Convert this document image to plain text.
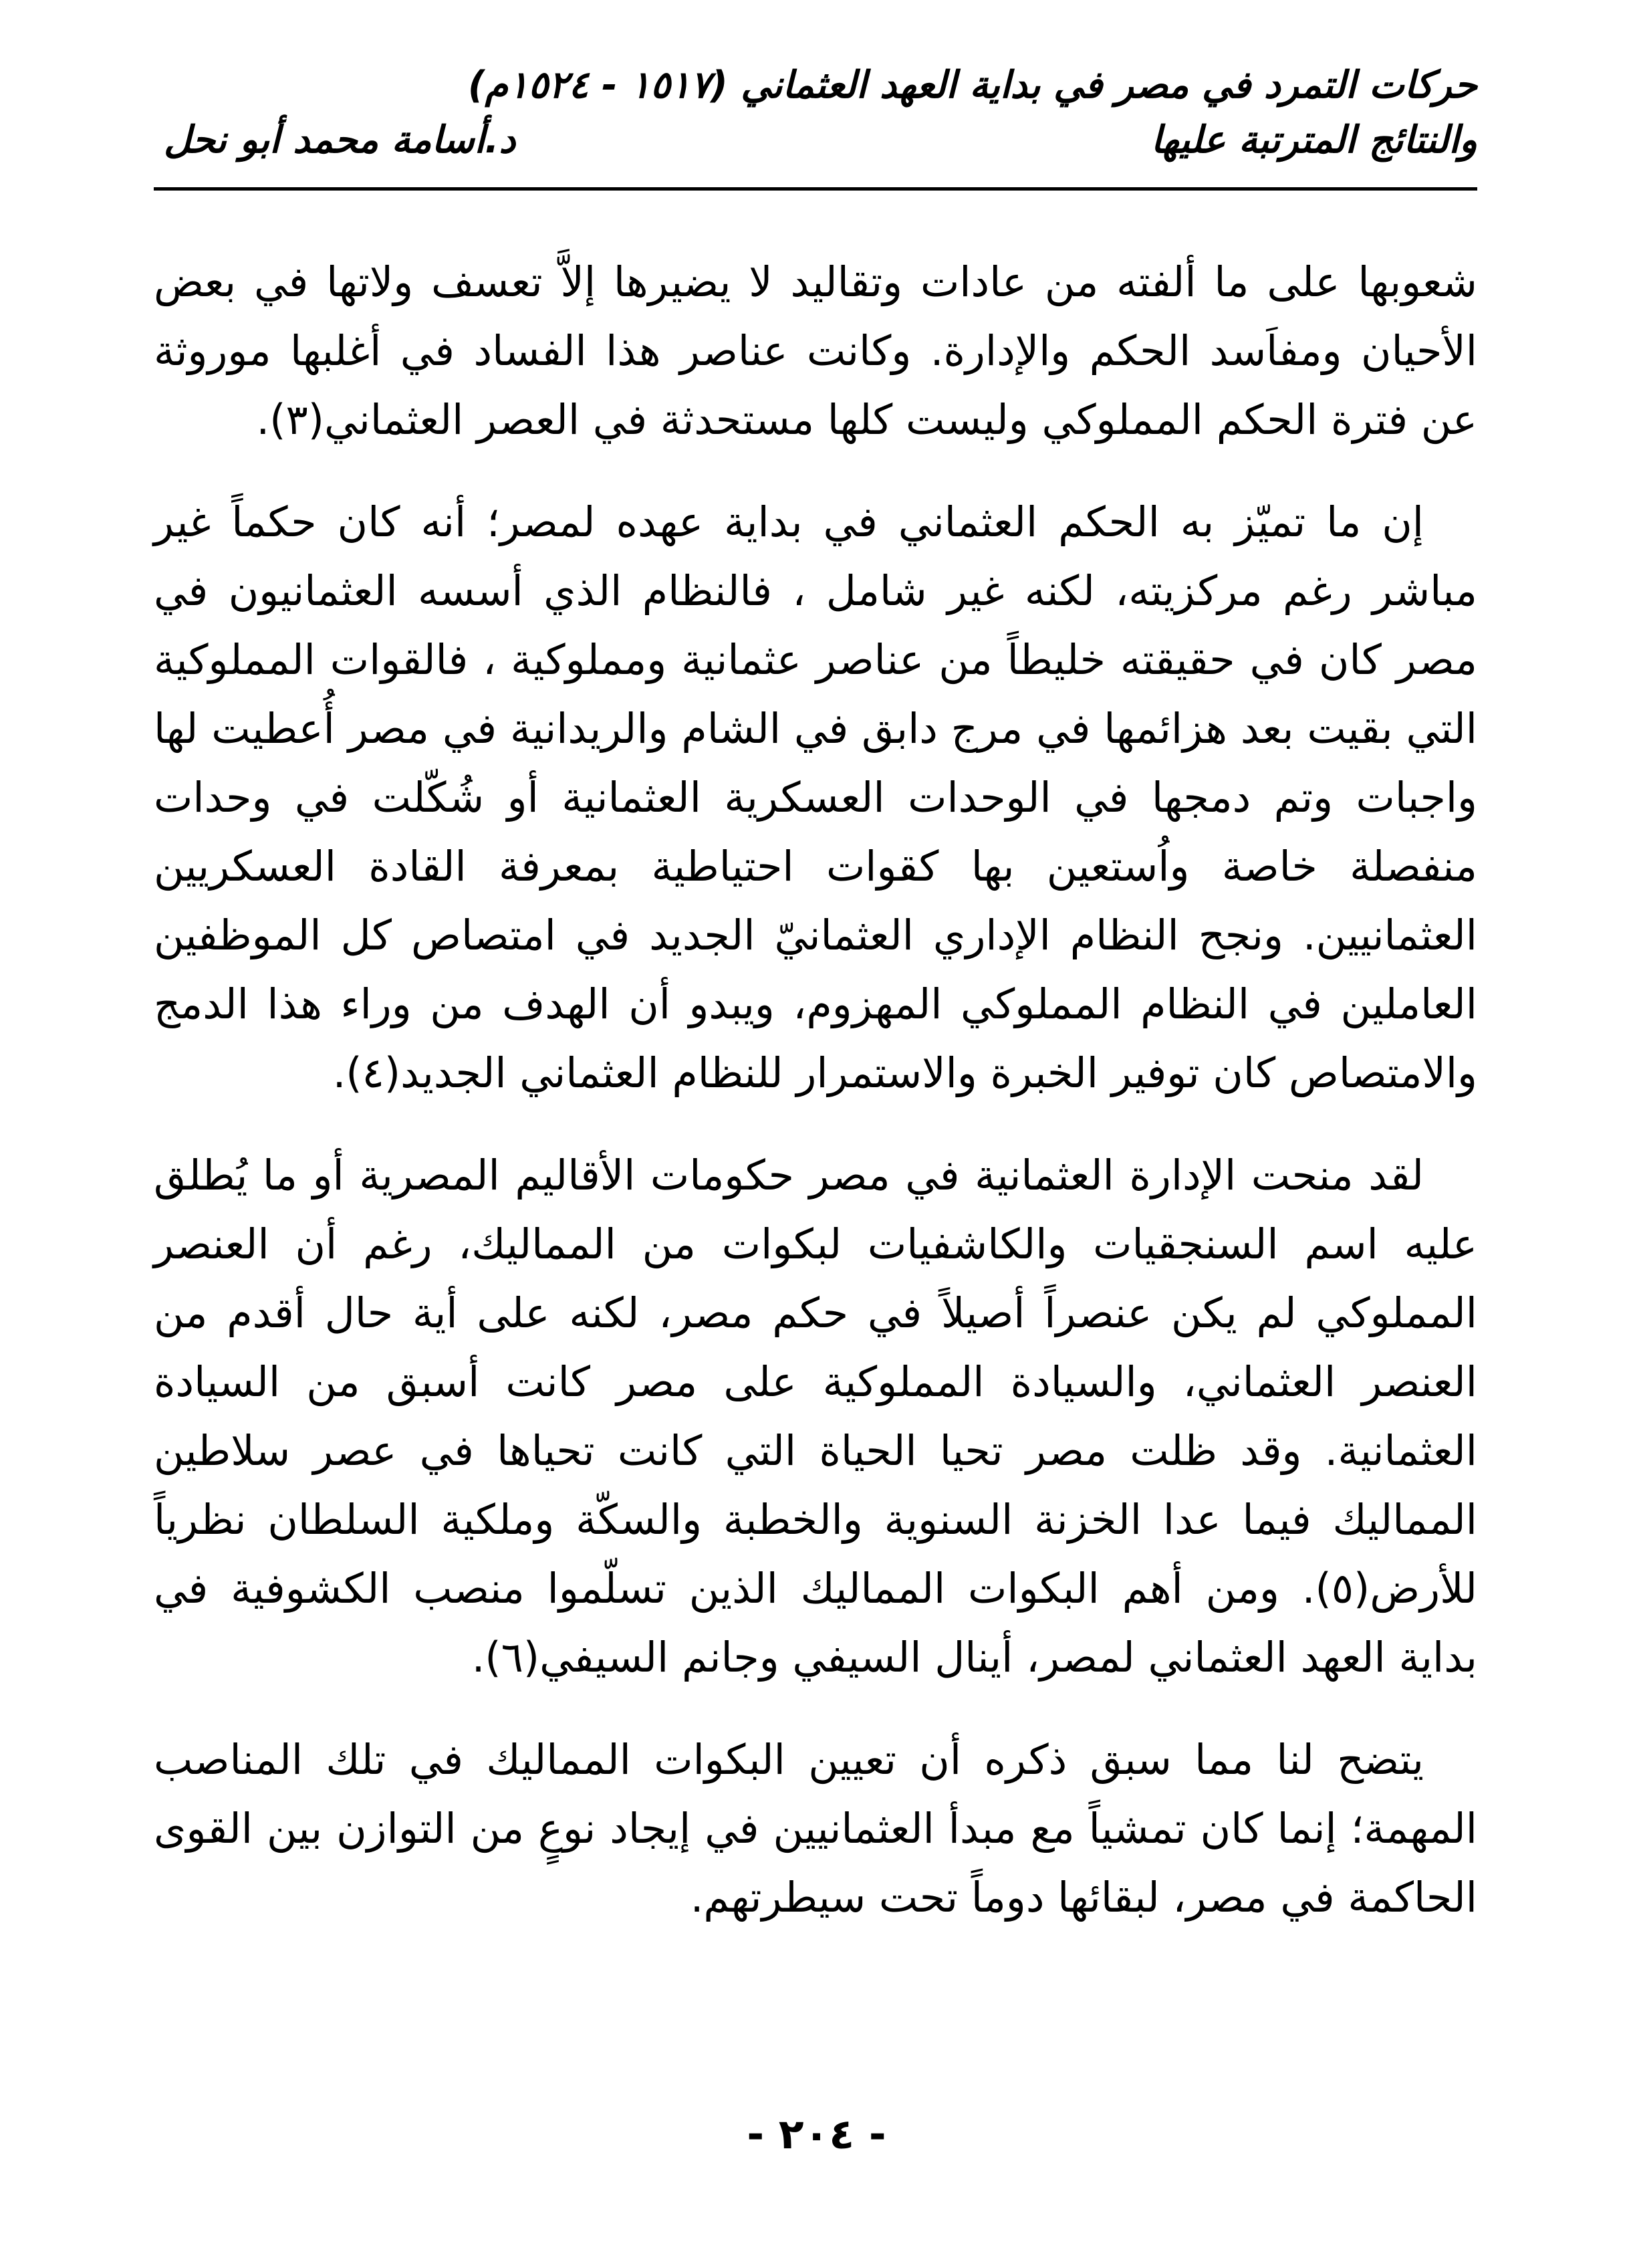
حركات التمرد في مصر في بداية العهد العثماني (١٥١٧ - ١٥٢٤م)
والنتائج المترتبة عليها
د.أسامة محمد أبو نحل

شعوبها على ما ألفته من عادات وتقاليد لا يضيرها إلاَّ تعسف ولاتها في بعض الأحيان ومفاَسد الحكم والإدارة. وكانت عناصر هذا الفساد في أغلبها موروثة عن فترة الحكم المملوكي وليست كلها مستحدثة في العصر العثماني(٣).

إن ما تميّز به الحكم العثماني في بداية عهده لمصر؛ أنه كان حكماً غير مباشر رغم مركزيته، لكنه غير شامل ، فالنظام الذي أسسه العثمانيون في مصر كان في حقيقته خليطاً من عناصر عثمانية ومملوكية ، فالقوات المملوكية التي بقيت بعد هزائمها في مرج دابق في الشام والريدانية في مصر أُعطيت لها واجبات وتم دمجها في الوحدات العسكرية العثمانية أو شُكّلت في وحدات منفصلة خاصة واُستعين بها كقوات احتياطية بمعرفة القادة العسكريين العثمانيين. ونجح النظام الإداري العثمانيّ الجديد في امتصاص كل الموظفين العاملين في النظام المملوكي المهزوم، ويبدو أن الهدف من وراء هذا الدمج والامتصاص كان توفير الخبرة والاستمرار للنظام العثماني الجديد(٤).

لقد منحت الإدارة العثمانية في مصر حكومات الأقاليم المصرية أو ما يُطلق عليه اسم السنجقيات والكاشفيات لبكوات من المماليك، رغم أن العنصر المملوكي لم يكن عنصراً أصيلاً في حكم مصر، لكنه على أية حال أقدم من العنصر العثماني، والسيادة المملوكية على مصر كانت أسبق من السيادة العثمانية. وقد ظلت مصر تحيا الحياة التي كانت تحياها في عصر سلاطين المماليك فيما عدا الخزنة السنوية والخطبة والسكّة وملكية السلطان نظرياً للأرض(٥). ومن أهم البكوات المماليك الذين تسلّموا منصب الكشوفية في بداية العهد العثماني لمصر، أينال السيفي وجانم السيفي(٦).

يتضح لنا مما سبق ذكره أن تعيين البكوات المماليك في تلك المناصب المهمة؛ إنما كان تمشياً مع مبدأ العثمانيين في إيجاد نوعٍ من التوازن بين القوى الحاكمة في مصر، لبقائها دوماً تحت سيطرتهم.

- ٢٠٤ -
